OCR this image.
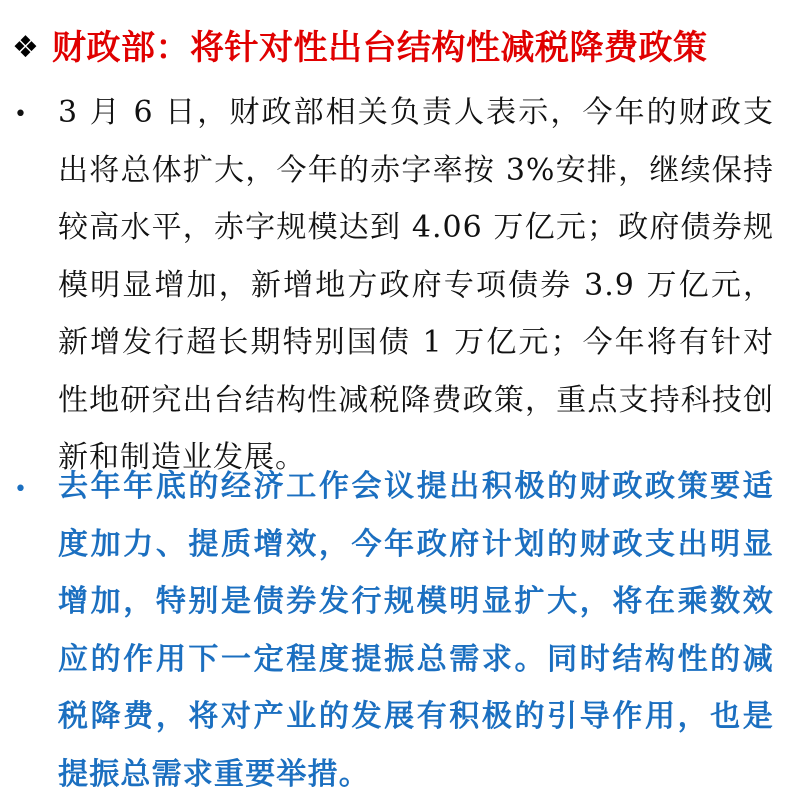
❖ 财政部：将针对性出台结构性减税降费政策
• 3 月 6 日，财政部相关负责人表示，今年的财政支出将总体扩大，今年的赤字率按 3%安排，继续保持较高水平，赤字规模达到 4.06 万亿元；政府债券规模明显增加，新增地方政府专项债券 3.9 万亿元，新增发行超长期特别国债 1 万亿元；今年将有针对性地研究出台结构性减税降费政策，重点支持科技创新和制造业发展。

• 去年年底的经济工作会议提出积极的财政政策要适度加力、提质增效，今年政府计划的财政支出明显增加，特别是债券发行规模明显扩大，将在乘数效应的作用下一定程度提振总需求。同时结构性的减税降费，将对产业的发展有积极的引导作用，也是提振总需求重要举措。
